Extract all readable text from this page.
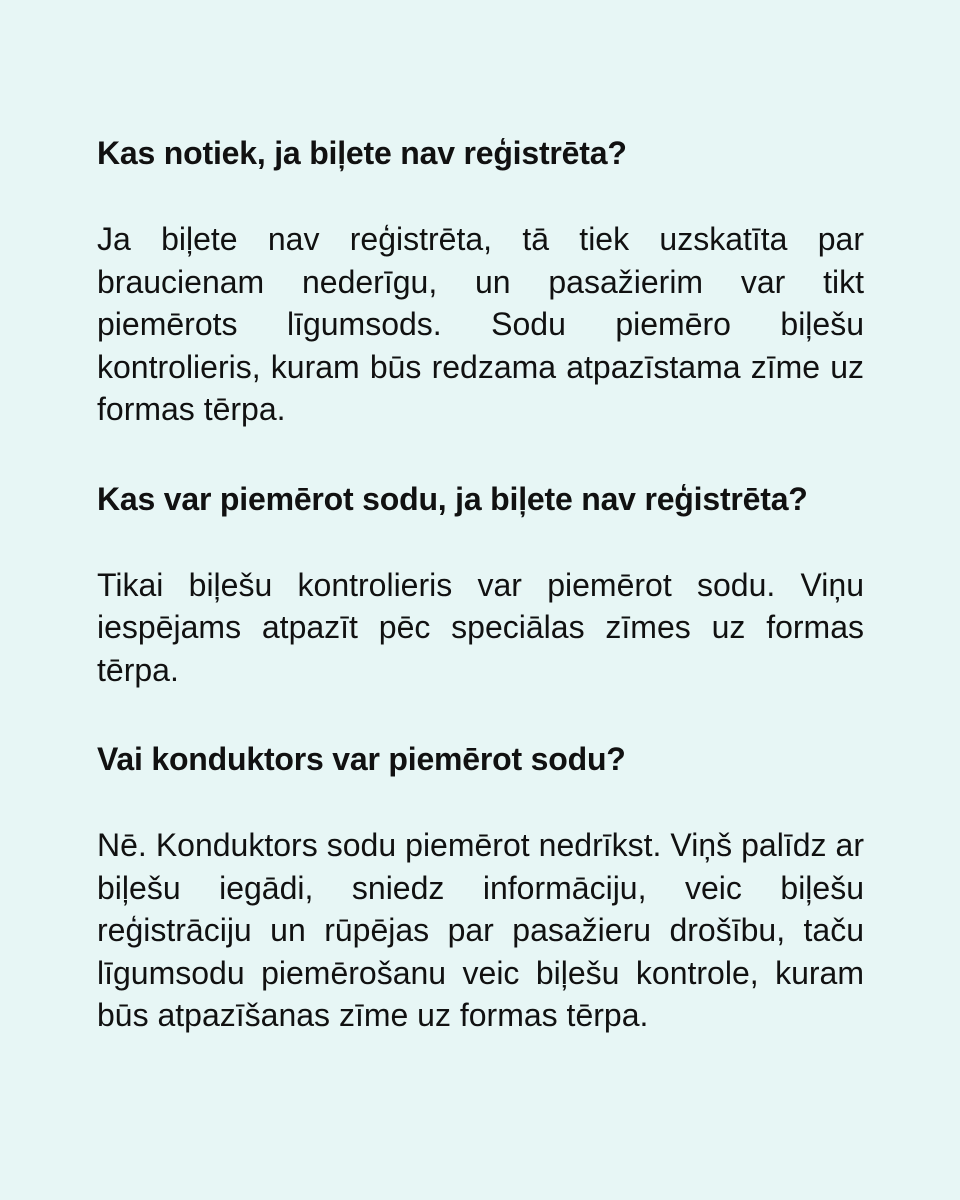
Kas notiek, ja biļete nav reģistrēta?

Ja biļete nav reģistrēta, tā tiek uzskatīta par braucienam nederīgu, un pasažierim var tikt piemērots līgumsods. Sodu piemēro biļešu kontrolieris, kuram būs redzama atpazīstama zīme uz formas tērpa.

Kas var piemērot sodu, ja biļete nav reģistrēta?

Tikai biļešu kontrolieris var piemērot sodu. Viņu iespējams atpazīt pēc speciālas zīmes uz formas tērpa.

Vai konduktors var piemērot sodu?

Nē. Konduktors sodu piemērot nedrīkst. Viņš palīdz ar biļešu iegādi, sniedz informāciju, veic biļešu reģistrāciju un rūpējas par pasažieru drošību, taču līgumsodu piemērošanu veic biļešu kontrole, kuram būs atpazīšanas zīme uz formas tērpa.
